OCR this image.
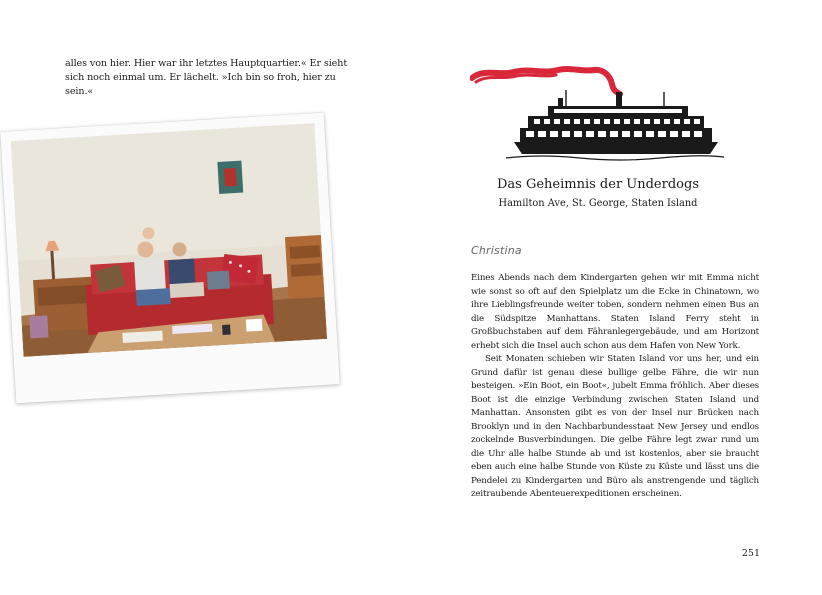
alles von hier. Hier war ihr letztes Hauptquartier.« Er sieht sich noch einmal um. Er lächelt. »Ich bin so froh, hier zu sein.«

Das Geheimnis der Underdogs

Hamilton Ave, St. George, Staten Island

Christina

Eines Abends nach dem Kindergarten gehen wir mit Emma nicht wie sonst so oft auf den Spielplatz um die Ecke in Chinatown, wo ihre Lieblingsfreunde weiter toben, sondern nehmen einen Bus an die Südspitze Manhattans. Staten Island Ferry steht in Großbuchstaben auf dem Fähranlegergebäude, und am Horizont erhebt sich die Insel auch schon aus dem Hafen von New York.

Seit Monaten schieben wir Staten Island vor uns her, und ein Grund dafür ist genau diese bullige gelbe Fähre, die wir nun besteigen. »Ein Boot, ein Boot«, jubelt Emma fröhlich. Aber dieses Boot ist die einzige Verbindung zwischen Staten Island und Manhattan. Ansonsten gibt es von der Insel nur Brücken nach Brooklyn und in den Nachbarbundesstaat New Jersey und endlos zockelnde Busverbindungen. Die gelbe Fähre legt zwar rund um die Uhr alle halbe Stunde ab und ist kostenlos, aber sie braucht eben auch eine halbe Stunde von Küste zu Küste und lässt uns die Pendelei zu Kindergarten und Büro als anstrengende und täglich zeitraubende Abenteuerexpeditionen erscheinen.

251
